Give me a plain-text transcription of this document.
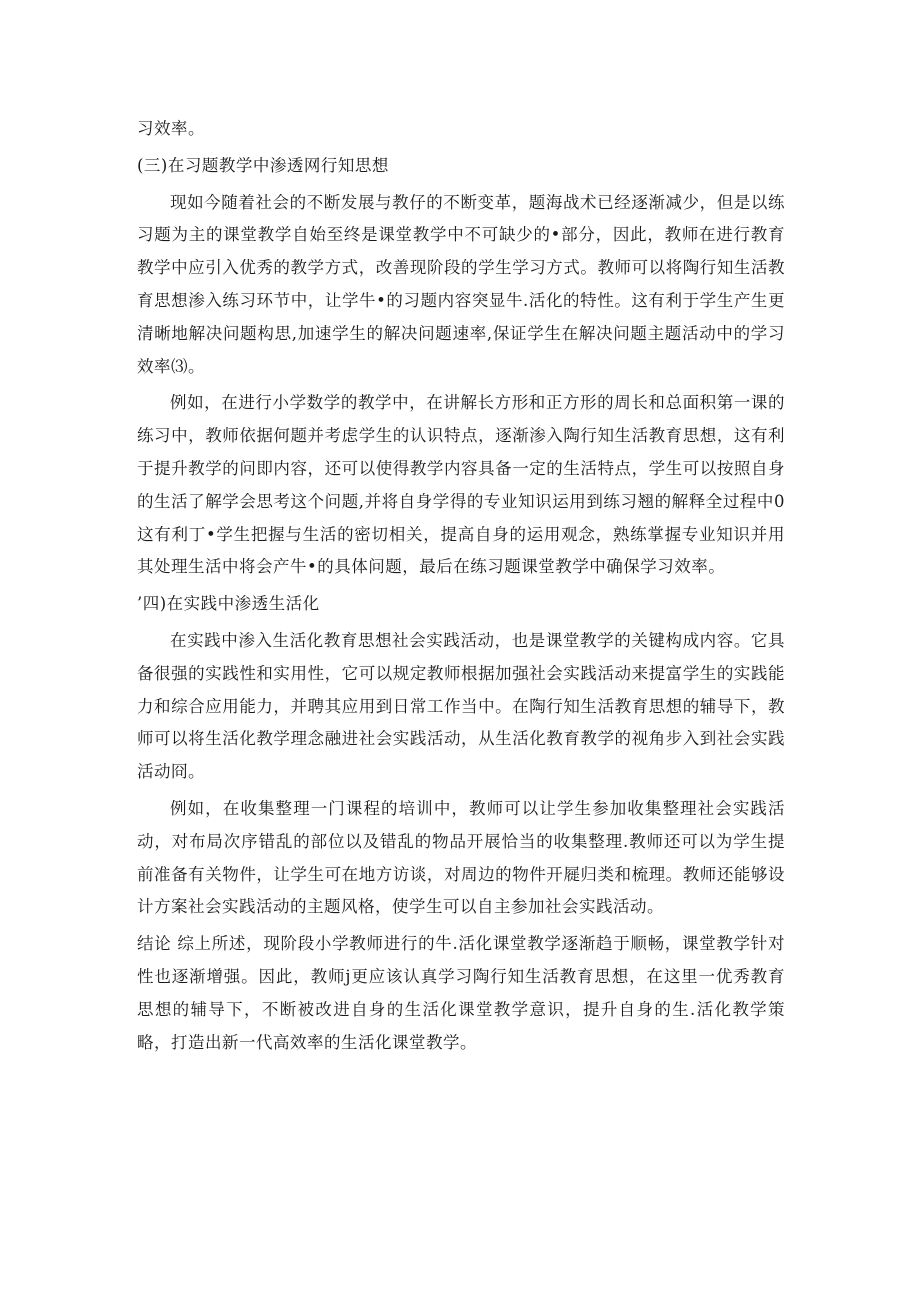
习效率。

(三)在习题教学中渗透网行知思想

现如今随着社会的不断发展与教仔的不断变革，题海战术已经逐渐减少，但是以练习题为主的课堂教学自始至终是课堂教学中不可缺少的•部分，因此，教师在进行教育教学中应引入优秀的教学方式，改善现阶段的学生学习方式。教师可以将陶行知生活教育思想渗入练习环节中，让学牛•的习题内容突显牛.活化的特性。这有利于学生产生更清晰地解决问题构思,加速学生的解决问题速率,保证学生在解决问题主题活动中的学习效率⑶。

例如，在进行小学数学的教学中，在讲解长方形和正方形的周长和总面积第一课的练习中，教师依据何题并考虑学生的认识特点，逐渐渗入陶行知生活教育思想，这有利于提升教学的问即内容，还可以使得教学内容具备一定的生活特点，学生可以按照自身的生活了解学会思考这个问题,并将自身学得的专业知识运用到练习翘的解释全过程中0这有利丁•学生把握与生活的密切相关，提高自身的运用观念，熟练掌握专业知识并用其处理生活中将会产牛•的具体问题，最后在练习题课堂教学中确保学习效率。

’四)在实践中渗透生活化

在实践中渗入生活化教育思想社会实践活动，也是课堂教学的关键构成内容。它具备很强的实践性和实用性，它可以规定教师根据加强社会实践活动来提富学生的实践能力和综合应用能力，并聘其应用到日常工作当中。在陶行知生活教育思想的辅导下，教师可以将生活化教学理念融进社会实践活动，从生活化教育教学的视角步入到社会实践活动冏。

例如，在收集整理一门课程的培训中，教师可以让学生参加收集整理社会实践活动，对布局次序错乱的部位以及错乱的物品开展恰当的收集整理.教师还可以为学生提前准备有关物件，让学生可在地方访谈，对周边的物件开屣归类和梳理。教师还能够设计方案社会实践活动的主题风格，使学生可以自主参加社会实践活动。

结论 综上所述，现阶段小学教师进行的牛.活化课堂教学逐渐趋于顺畅，课堂教学针对性也逐渐增强。因此，教师j更应该认真学习陶行知生活教育思想，在这里一优秀教育思想的辅导下，不断被改进自身的生活化课堂教学意识，提升自身的生.活化教学策略，打造出新一代高效率的生活化课堂教学。
